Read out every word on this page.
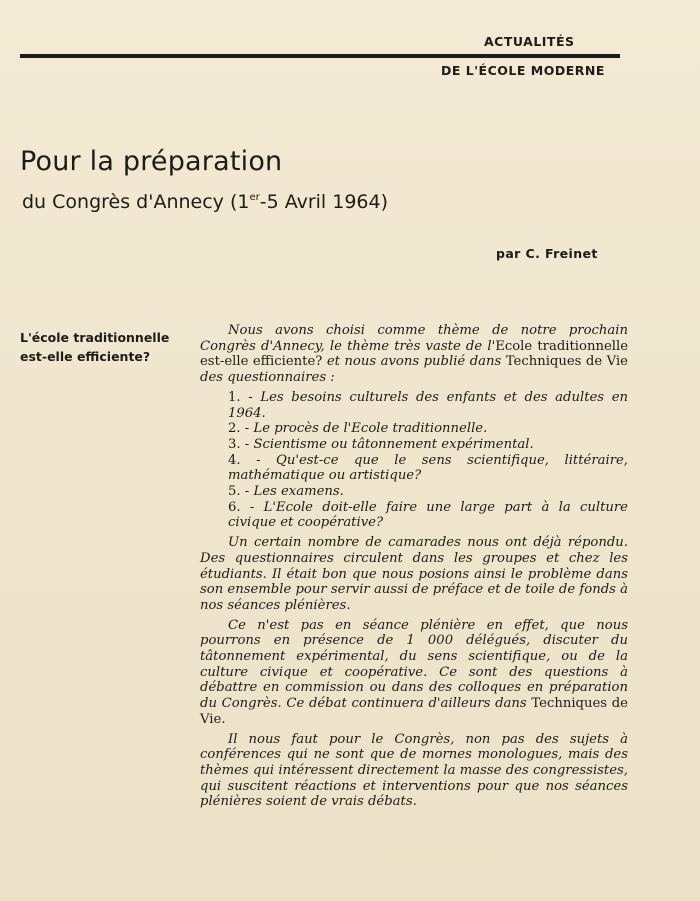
ACTUALITÉS
DE L'ÉCOLE MODERNE
Pour la préparation
du Congrès d'Annecy (1er-5 Avril 1964)
par C. Freinet
L'école traditionnelle est-elle efficiente?

Nous avons choisi comme thème de notre prochain Congrès d'Annecy, le thème très vaste de l'Ecole traditionnelle est-elle efficiente? et nous avons publié dans Techniques de Vie des questionnaires :

1. - Les besoins culturels des enfants et des adultes en 1964.
2. - Le procès de l'Ecole traditionnelle.
3. - Scientisme ou tâtonnement expérimental.
4. - Qu'est-ce que le sens scientifique, littéraire, mathématique ou artistique?
5. - Les examens.
6. - L'Ecole doit-elle faire une large part à la culture civique et coopérative?

Un certain nombre de camarades nous ont déjà répondu. Des questionnaires circulent dans les groupes et chez les étudiants. Il était bon que nous posions ainsi le problème dans son ensemble pour servir aussi de préface et de toile de fonds à nos séances plénières.

Ce n'est pas en séance plénière en effet, que nous pourrons en présence de 1 000 délégués, discuter du tâtonnement expérimental, du sens scientifique, ou de la culture civique et coopérative. Ce sont des questions à débattre en commission ou dans des colloques en préparation du Congrès. Ce débat continuera d'ailleurs dans Techniques de Vie.

Il nous faut pour le Congrès, non pas des sujets à conférences qui ne sont que de mornes monologues, mais des thèmes qui intéressent directement la masse des congressistes, qui suscitent réactions et interventions pour que nos séances plénières soient de vrais débats.
